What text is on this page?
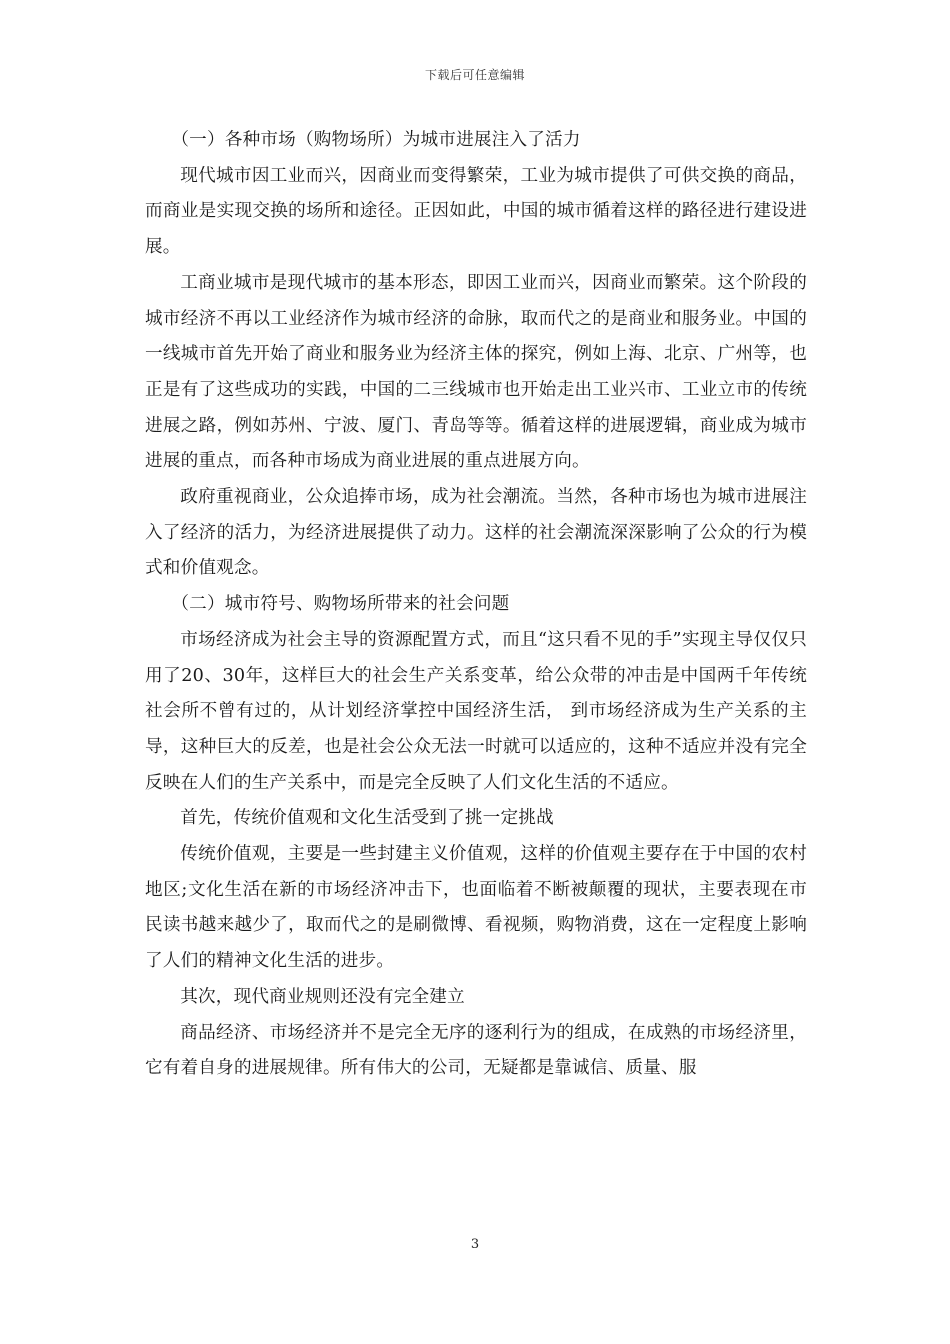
下载后可任意编辑

（一）各种市场（购物场所）为城市进展注入了活力

现代城市因工业而兴，因商业而变得繁荣，工业为城市提供了可供交换的商品，而商业是实现交换的场所和途径。正因如此，中国的城市循着这样的路径进行建设进展。

工商业城市是现代城市的基本形态，即因工业而兴，因商业而繁荣。这个阶段的城市经济不再以工业经济作为城市经济的命脉，取而代之的是商业和服务业。中国的一线城市首先开始了商业和服务业为经济主体的探究，例如上海、北京、广州等，也正是有了这些成功的实践，中国的二三线城市也开始走出工业兴市、工业立市的传统进展之路，例如苏州、宁波、厦门、青岛等等。循着这样的进展逻辑，商业成为城市进展的重点，而各种市场成为商业进展的重点进展方向。

政府重视商业，公众追捧市场，成为社会潮流。当然，各种市场也为城市进展注入了经济的活力，为经济进展提供了动力。这样的社会潮流深深影响了公众的行为模式和价值观念。

（二）城市符号、购物场所带来的社会问题

市场经济成为社会主导的资源配置方式，而且“这只看不见的手”实现主导仅仅只用了20、30年，这样巨大的社会生产关系变革，给公众带的冲击是中国两千年传统社会所不曾有过的，从计划经济掌控中国经济生活， 到市场经济成为生产关系的主导，这种巨大的反差，也是社会公众无法一时就可以适应的，这种不适应并没有完全反映在人们的生产关系中，而是完全反映了人们文化生活的不适应。

首先，传统价值观和文化生活受到了挑一定挑战

传统价值观，主要是一些封建主义价值观，这样的价值观主要存在于中国的农村地区;文化生活在新的市场经济冲击下，也面临着不断被颠覆的现状，主要表现在市民读书越来越少了，取而代之的是刷微博、看视频，购物消费，这在一定程度上影响了人们的精神文化生活的进步。

其次，现代商业规则还没有完全建立

商品经济、市场经济并不是完全无序的逐利行为的组成，在成熟的市场经济里，它有着自身的进展规律。所有伟大的公司，无疑都是靠诚信、质量、服

3
